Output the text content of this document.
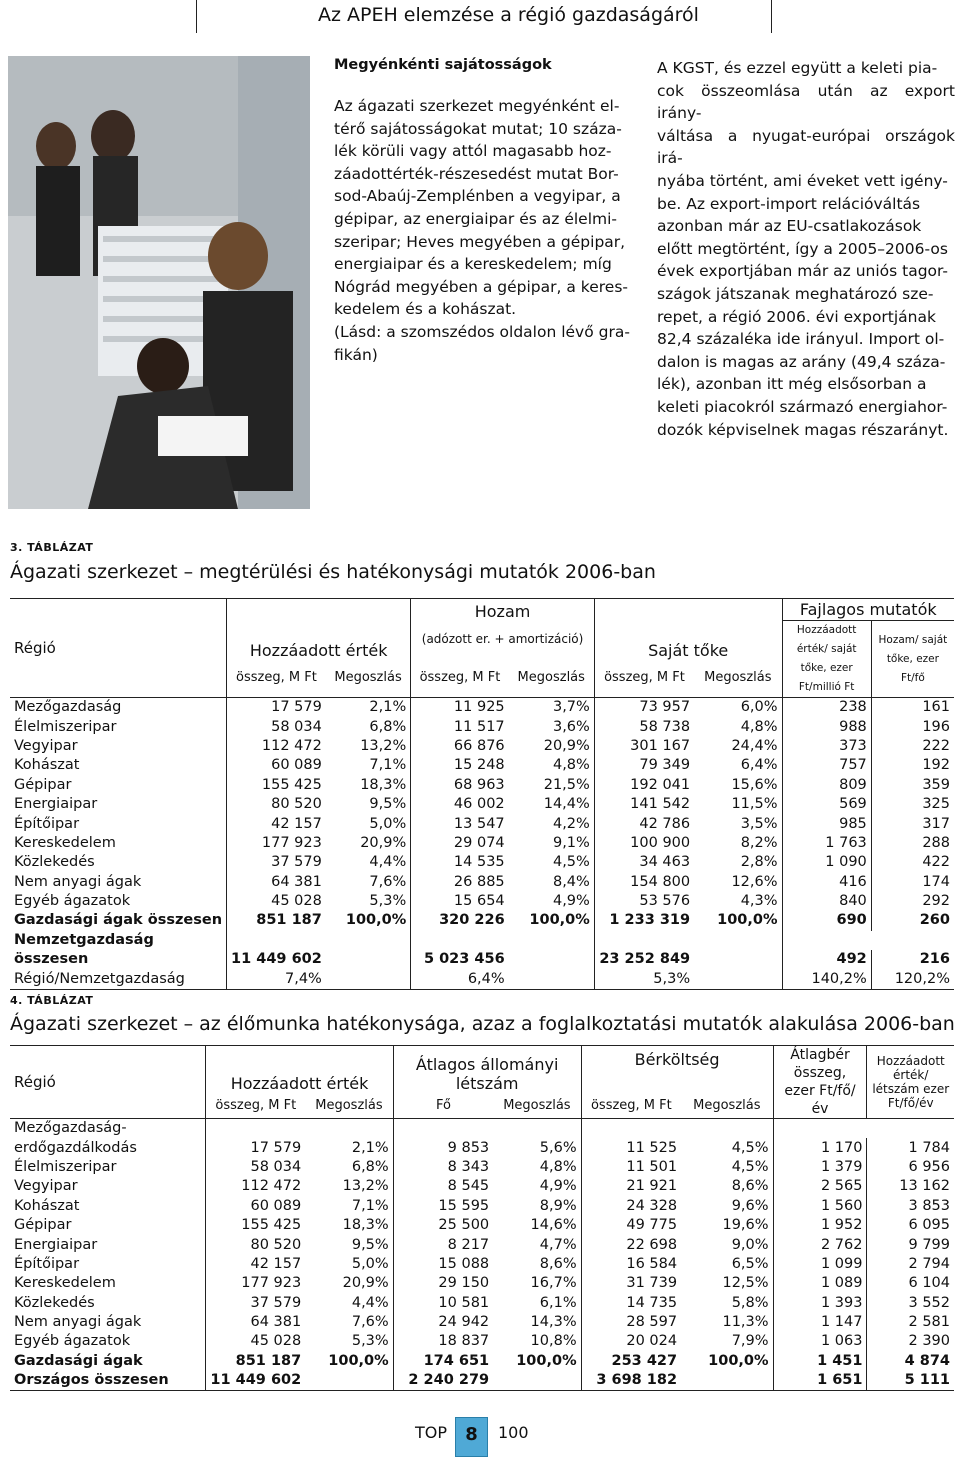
Az APEH elemzése a régió gazdaságáról
Megyénkénti sajátosságok
Az ágazati szerkezet megyénként el-
térő sajátosságokat mutat; 10 száza-
lék körüli vagy attól magasabb hoz-
záadottérték-részesedést mutat Bor-
sod-Abaúj-Zemplénben a vegyipar, a
gépipar, az energiaipar és az élelmi-
szeripar; Heves megyében a gépipar,
energiaipar és a kereskedelem; míg
Nógrád megyében a gépipar, a keres-
kedelem és a kohászat.
(Lásd: a szomszédos oldalon lévő gra-
fikán)
A KGST, és ezzel együtt a keleti pia-
cok összeomlása után az export irány-
váltása a nyugat-európai országok irá-
nyába történt, ami éveket vett igény-
be. Az export-import relációváltás
azonban már az EU-csatlakozások
előtt megtörtént, így a 2005–2006-os
évek exportjában már az uniós tagor-
szágok játszanak meghatározó sze-
repet, a régió 2006. évi exportjának
82,4 százaléka ide irányul. Import ol-
dalon is magas az arány (49,4 száza-
lék), azonban itt még elsősorban a
keleti piacokról származó energiahor-
dozók képviselnek magas részarányt.
3. TÁBLÁZAT
Ágazati szerkezet – megtérülési és hatékonysági mutatók 2006-ban
Régió	Hozzáadott érték		Hozam		Saját tőke		Fajlagos mutatók	
			(adózott er. + amortizáció)				Hozzáadott érték/ saját tőke, ezer Ft/millió Ft	Hozam/ saját tőke, ezer Ft/fő
	összeg, M Ft	Megoszlás	összeg, M Ft	Megoszlás	összeg, M Ft	Megoszlás		
Mezőgazdaság	17 579	2,1%	11 925	3,7%	73 957	6,0%	238	161
Élelmiszeripar	58 034	6,8%	11 517	3,6%	58 738	4,8%	988	196
Vegyipar	112 472	13,2%	66 876	20,9%	301 167	24,4%	373	222
Kohászat	60 089	7,1%	15 248	4,8%	79 349	6,4%	757	192
Gépipar	155 425	18,3%	68 963	21,5%	192 041	15,6%	809	359
Energiaipar	80 520	9,5%	46 002	14,4%	141 542	11,5%	569	325
Építőipar	42 157	5,0%	13 547	4,2%	42 786	3,5%	985	317
Kereskedelem	177 923	20,9%	29 074	9,1%	100 900	8,2%	1 763	288
Közlekedés	37 579	4,4%	14 535	4,5%	34 463	2,8%	1 090	422
Nem anyagi ágak	64 381	7,6%	26 885	8,4%	154 800	12,6%	416	174
Egyéb ágazatok	45 028	5,3%	15 654	4,9%	53 576	4,3%	840	292
Gazdasági ágak összesen	851 187	100,0%	320 226	100,0%	1 233 319	100,0%	690	260
Nemzetgazdaság								
összesen	11 449 602		5 023 456		23 252 849		492	216
Régió/Nemzetgazdaság	7,4%		6,4%		5,3%		140,2%	120,2%
4. TÁBLÁZAT
Ágazati szerkezet – az élőmunka hatékonysága, azaz a foglalkoztatási mutatók alakulása 2006-ban
Régió	Hozzáadott érték		Átlagos állományi létszám		Bérköltség		Átlagbér összeg, ezer Ft/fő/év	Hozzáadott érték/ létszám ezer Ft/fő/év
	összeg, M Ft	Megoszlás	Fő	Megoszlás	összeg, M Ft	Megoszlás		
Mezőgazdaság-								
erdőgazdálkodás	17 579	2,1%	9 853	5,6%	11 525	4,5%	1 170	1 784
Élelmiszeripar	58 034	6,8%	8 343	4,8%	11 501	4,5%	1 379	6 956
Vegyipar	112 472	13,2%	8 545	4,9%	21 921	8,6%	2 565	13 162
Kohászat	60 089	7,1%	15 595	8,9%	24 328	9,6%	1 560	3 853
Gépipar	155 425	18,3%	25 500	14,6%	49 775	19,6%	1 952	6 095
Energiaipar	80 520	9,5%	8 217	4,7%	22 698	9,0%	2 762	9 799
Építőipar	42 157	5,0%	15 088	8,6%	16 584	6,5%	1 099	2 794
Kereskedelem	177 923	20,9%	29 150	16,7%	31 739	12,5%	1 089	6 104
Közlekedés	37 579	4,4%	10 581	6,1%	14 735	5,8%	1 393	3 552
Nem anyagi ágak	64 381	7,6%	24 942	14,3%	28 597	11,3%	1 147	2 581
Egyéb ágazatok	45 028	5,3%	18 837	10,8%	20 024	7,9%	1 063	2 390
Gazdasági ágak	851 187	100,0%	174 651	100,0%	253 427	100,0%	1 451	4 874
Országos összesen	11 449 602		2 240 279		3 698 182		1 651	5 111
TOP	8	100
